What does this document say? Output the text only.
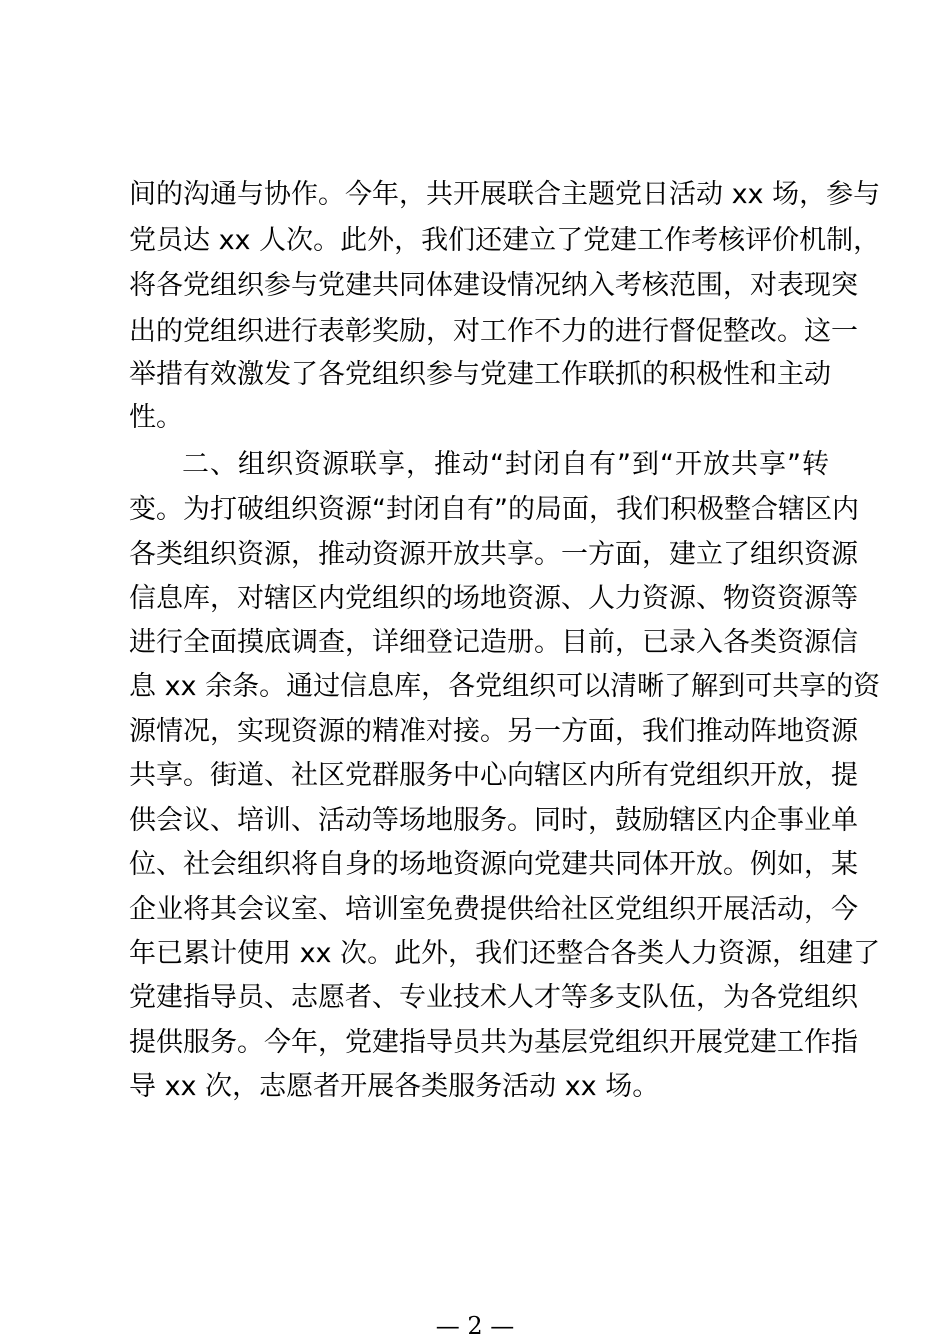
间的沟通与协作。今年，共开展联合主题党日活动 xx 场，参与
党员达 xx 人次。此外，我们还建立了党建工作考核评价机制，
将各党组织参与党建共同体建设情况纳入考核范围，对表现突
出的党组织进行表彰奖励，对工作不力的进行督促整改。这一
举措有效激发了各党组织参与党建工作联抓的积极性和主动
性。
二、组织资源联享，推动“封闭自有”到“开放共享”转
变。为打破组织资源“封闭自有”的局面，我们积极整合辖区内
各类组织资源，推动资源开放共享。一方面，建立了组织资源
信息库，对辖区内党组织的场地资源、人力资源、物资资源等
进行全面摸底调查，详细登记造册。目前，已录入各类资源信
息 xx 余条。通过信息库，各党组织可以清晰了解到可共享的资
源情况，实现资源的精准对接。另一方面，我们推动阵地资源
共享。街道、社区党群服务中心向辖区内所有党组织开放，提
供会议、培训、活动等场地服务。同时，鼓励辖区内企事业单
位、社会组织将自身的场地资源向党建共同体开放。例如，某
企业将其会议室、培训室免费提供给社区党组织开展活动，今
年已累计使用 xx 次。此外，我们还整合各类人力资源，组建了
党建指导员、志愿者、专业技术人才等多支队伍，为各党组织
提供服务。今年，党建指导员共为基层党组织开展党建工作指
导 xx 次，志愿者开展各类服务活动 xx 场。
— 2 —
